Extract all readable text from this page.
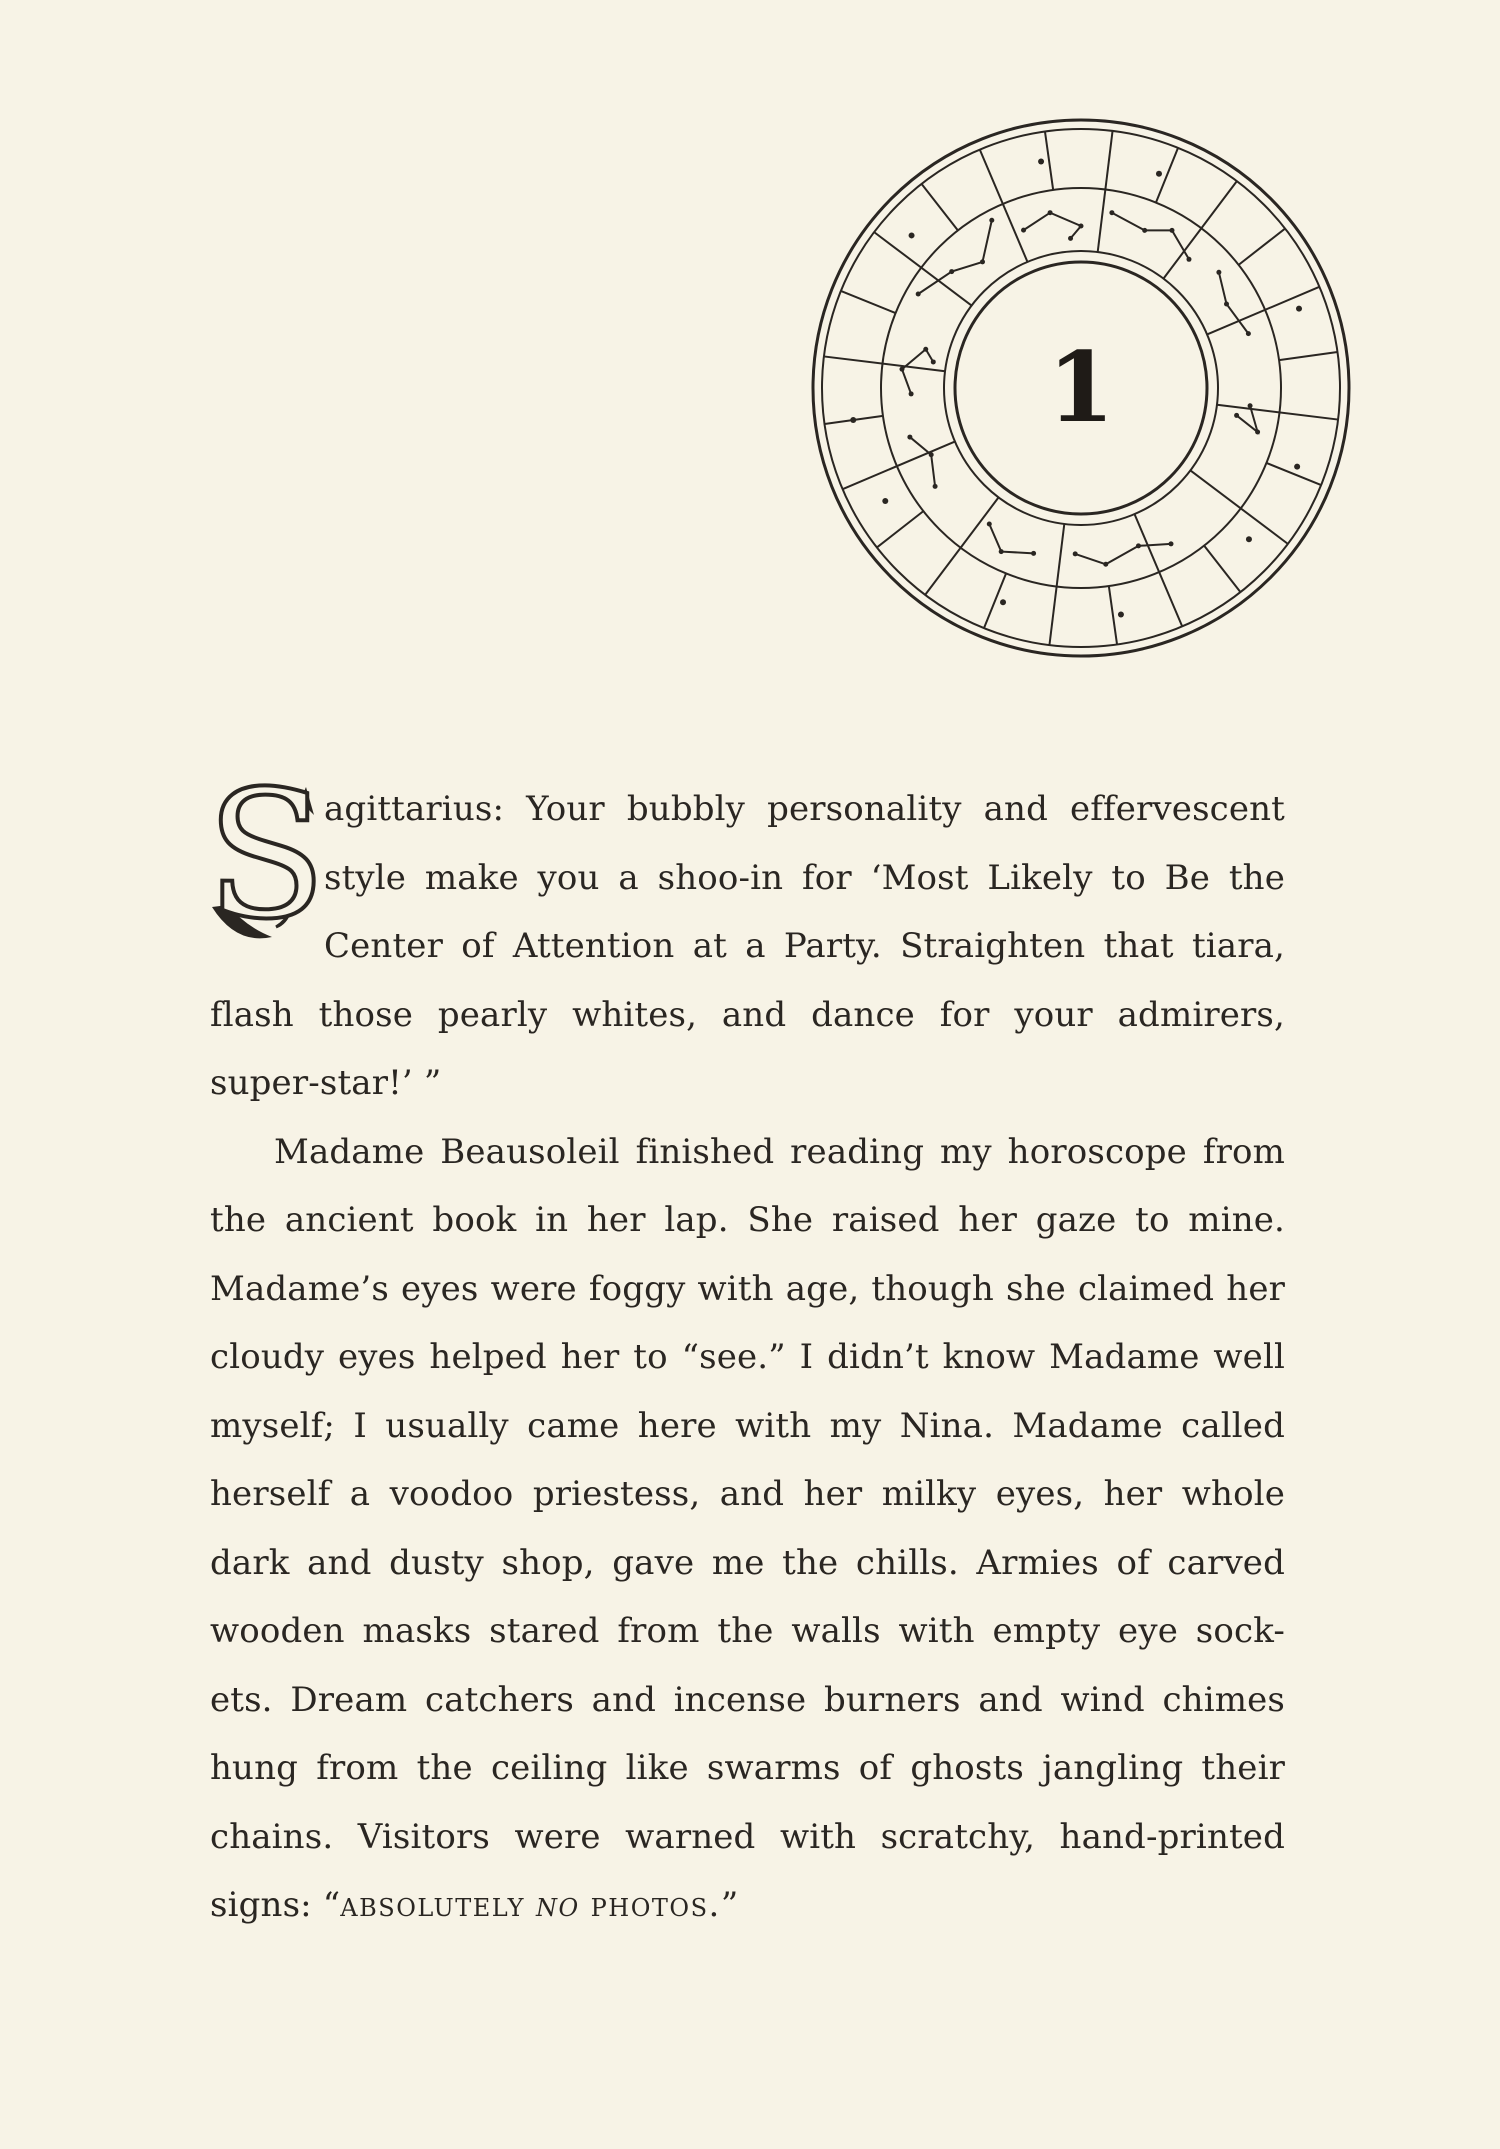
1

S
agittarius: Your bubbly personality and effervescent style make you a shoo-in for ‘Most Likely to Be the Center of Attention at a Party. Straighten that tiara, flash those pearly whites, and dance for your admirers, super-star!’ ”

Madame Beausoleil finished reading my horoscope from the ancient book in her lap. She raised her gaze to mine. Madame’s eyes were foggy with age, though she claimed her cloudy eyes helped her to “see.” I didn’t know Madame well myself; I usually came here with my Nina. Madame called herself a voodoo priestess, and her milky eyes, her whole dark and dusty shop, gave me the chills. Armies of carved wooden masks stared from the walls with empty eye sock-ets. Dream catchers and incense burners and wind chimes hung from the ceiling like swarms of ghosts jangling their chains. Visitors were warned with scratchy, hand-printed signs: “absolutely no photos.”
